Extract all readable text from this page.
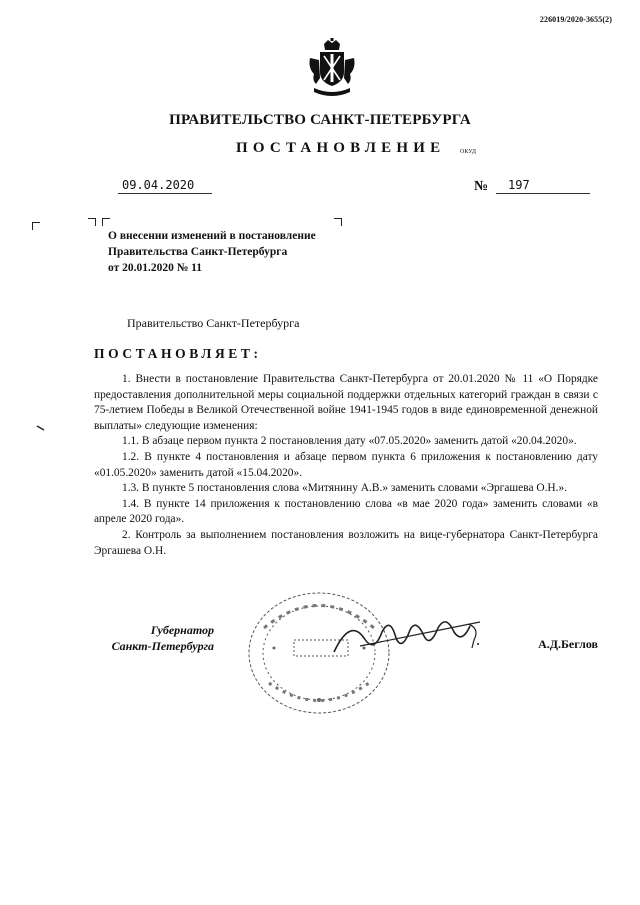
226019/2020-3655(2)
ПРАВИТЕЛЬСТВО САНКТ-ПЕТЕРБУРГА
ПОСТАНОВЛЕНИЕ ОКУД
09.04.2020	№	197
О внесении изменений в постановление
Правительства Санкт-Петербурга
от 20.01.2020 № 11
Правительство Санкт-Петербурга
ПОСТАНОВЛЯЕТ:

1. Внести в постановление Правительства Санкт-Петербурга от 20.01.2020 № 11 «О Порядке предоставления дополнительной меры социальной поддержки отдельных категорий граждан в связи с 75-летием Победы в Великой Отечественной войне 1941-1945 годов в виде единовременной денежной выплаты» следующие изменения:

1.1. В абзаце первом пункта 2 постановления дату «07.05.2020» заменить датой «20.04.2020».

1.2. В пункте 4 постановления и абзаце первом пункта 6 приложения к постановлению дату «01.05.2020» заменить датой «15.04.2020».

1.3. В пункте 5 постановления слова «Митянину А.В.» заменить словами «Эргашева О.Н.».

1.4. В пункте 14 приложения к постановлению слова «в мае 2020 года» заменить словами «в апреле 2020 года».

2. Контроль за выполнением постановления возложить на вице-губернатора Санкт-Петербурга Эргашева О.Н.

Губернатор
Санкт-Петербурга	А.Д.Беглов
